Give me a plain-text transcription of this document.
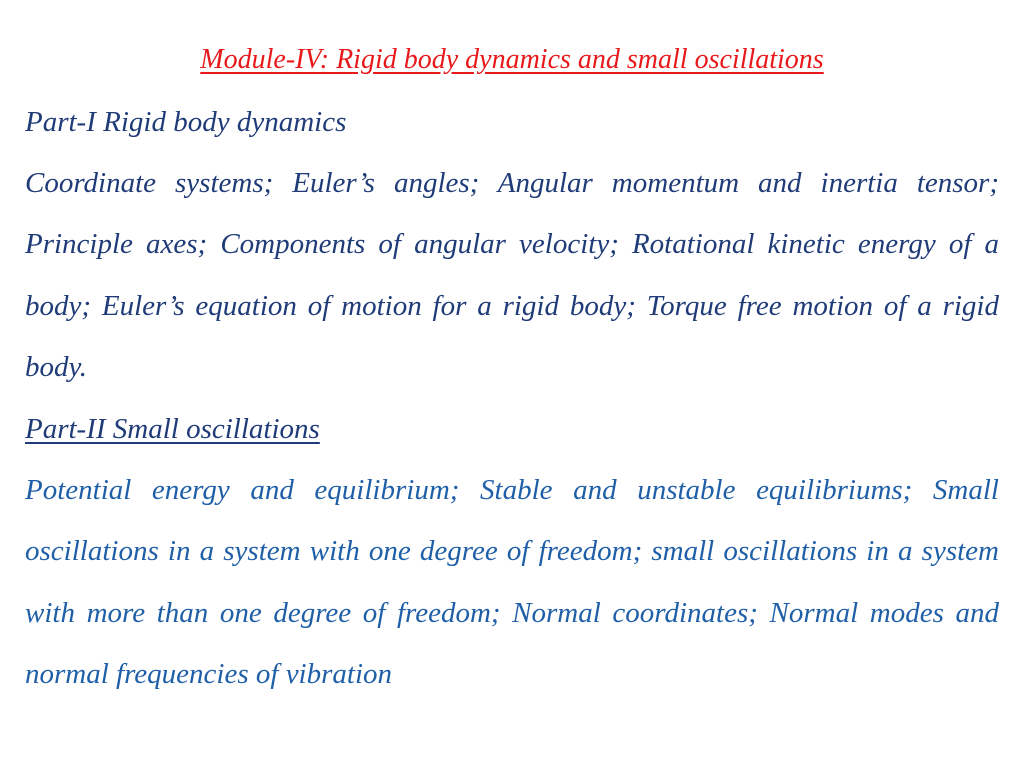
Module-IV: Rigid body dynamics and small oscillations
Part-I Rigid body dynamics

Coordinate systems; Euler’s angles; Angular momentum and inertia tensor; Principle axes; Components of angular velocity; Rotational kinetic energy of a body; Euler’s equation of motion for a rigid body; Torque free motion of a rigid body.

Part-II Small oscillations

Potential energy and equilibrium; Stable and unstable equilibriums; Small oscillations in a system with one degree of freedom; small oscillations in a system with more than one degree of freedom; Normal coordinates; Normal modes and normal frequencies of vibration
